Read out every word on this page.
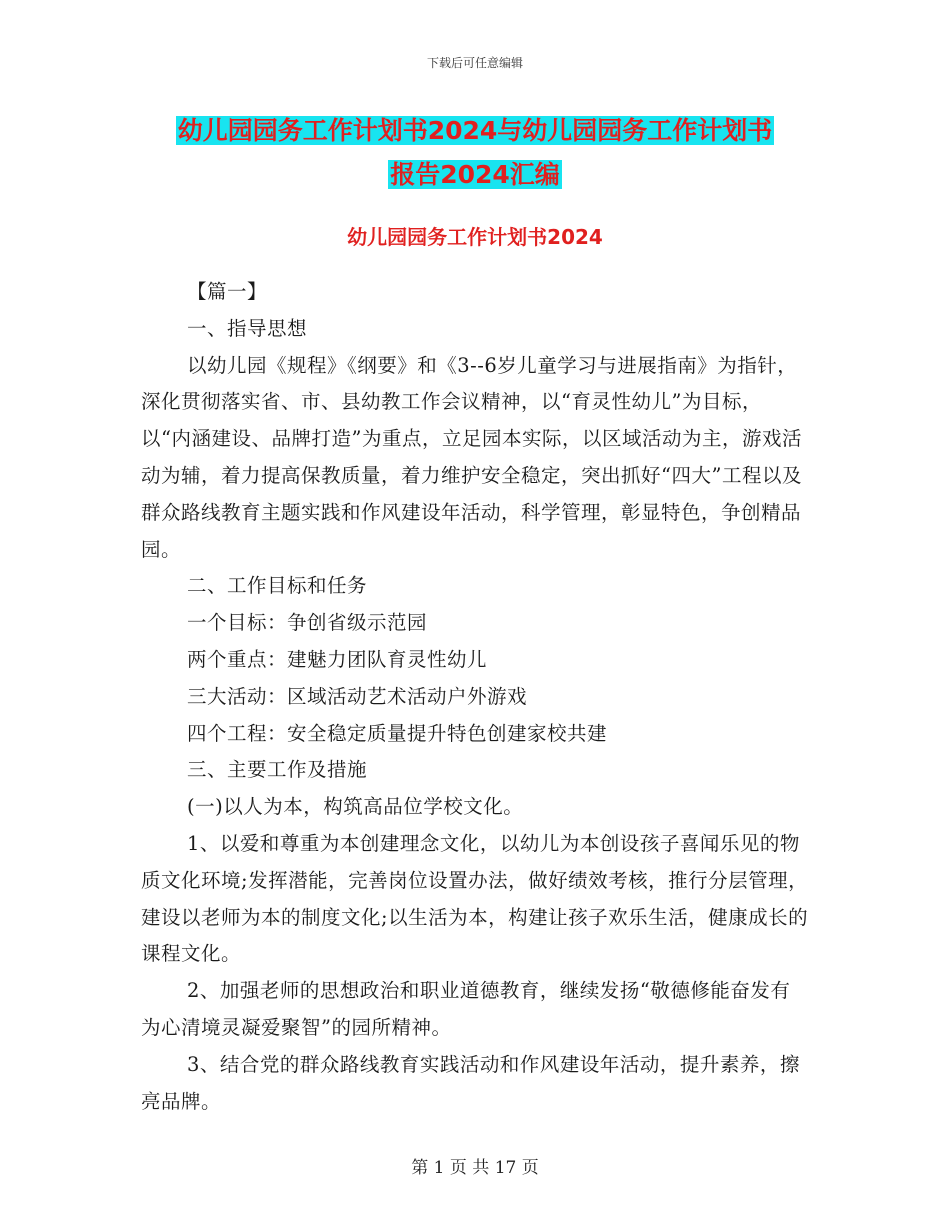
下载后可任意编辑
幼儿园园务工作计划书2024与幼儿园园务工作计划书
报告2024汇编
幼儿园园务工作计划书2024

【篇一】

一、指导思想

以幼儿园《规程》《纲要》和《3--6岁儿童学习与进展指南》为指针，深化贯彻落实省、市、县幼教工作会议精神，以“育灵性幼儿”为目标，以“内涵建设、品牌打造”为重点，立足园本实际，以区域活动为主，游戏活动为辅，着力提高保教质量，着力维护安全稳定，突出抓好“四大”工程以及群众路线教育主题实践和作风建设年活动，科学管理，彰显特色，争创精品园。

二、工作目标和任务

一个目标：争创省级示范园

两个重点：建魅力团队育灵性幼儿

三大活动：区域活动艺术活动户外游戏

四个工程：安全稳定质量提升特色创建家校共建

三、主要工作及措施

(一)以人为本，构筑高品位学校文化。

1、以爱和尊重为本创建理念文化，以幼儿为本创设孩子喜闻乐见的物质文化环境;发挥潜能，完善岗位设置办法，做好绩效考核，推行分层管理，建设以老师为本的制度文化;以生活为本，构建让孩子欢乐生活，健康成长的课程文化。

2、加强老师的思想政治和职业道德教育，继续发扬“敬德修能奋发有为心清境灵凝爱聚智”的园所精神。

3、结合党的群众路线教育实践活动和作风建设年活动，提升素养，擦亮品牌。

第 1 页 共 17 页
